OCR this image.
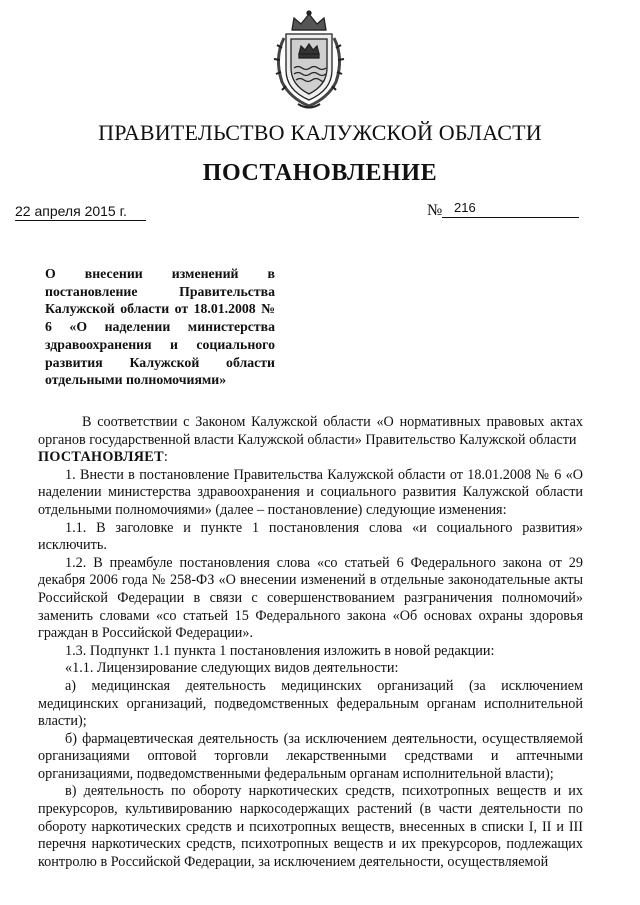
ПРАВИТЕЛЬСТВО КАЛУЖСКОЙ ОБЛАСТИ
ПОСТАНОВЛЕНИЕ
22 апреля 2015 г.	№ 216
О внесении изменений в постановление Правительства Калужской области от 18.01.2008 № 6 «О наделении министерства здравоохранения и социального развития Калужской области
отдельными полномочиями»

В соответствии с Законом Калужской области «О нормативных правовых актах органов государственной власти Калужской области» Правительство Калужской области
ПОСТАНОВЛЯЕТ:

1. Внести в постановление Правительства Калужской области от 18.01.2008 № 6 «О наделении министерства здравоохранения и социального развития Калужской области отдельными полномочиями» (далее – постановление) следующие изменения:

1.1. В заголовке и пункте 1 постановления слова «и социального развития» исключить.

1.2. В преамбуле постановления слова «со статьей 6 Федерального закона от 29 декабря 2006 года № 258-ФЗ «О внесении изменений в отдельные законодательные акты Российской Федерации в связи с совершенствованием разграничения полномочий» заменить словами «со статьей 15 Федерального закона «Об основах охраны здоровья граждан в Российской Федерации».

1.3. Подпункт 1.1 пункта 1 постановления изложить в новой редакции:

«1.1. Лицензирование следующих видов деятельности:

а) медицинская деятельность медицинских организаций (за исключением медицинских организаций, подведомственных федеральным органам исполнительной власти);

б) фармацевтическая деятельность (за исключением деятельности, осуществляемой организациями оптовой торговли лекарственными средствами и аптечными организациями, подведомственными федеральным органам исполнительной власти);

в) деятельность по обороту наркотических средств, психотропных веществ и их прекурсоров, культивированию наркосодержащих растений (в части деятельности по обороту наркотических средств и психотропных веществ, внесенных в списки I, II и III перечня наркотических средств, психотропных веществ и их прекурсоров, подлежащих контролю в Российской Федерации, за исключением деятельности, осуществляемой
